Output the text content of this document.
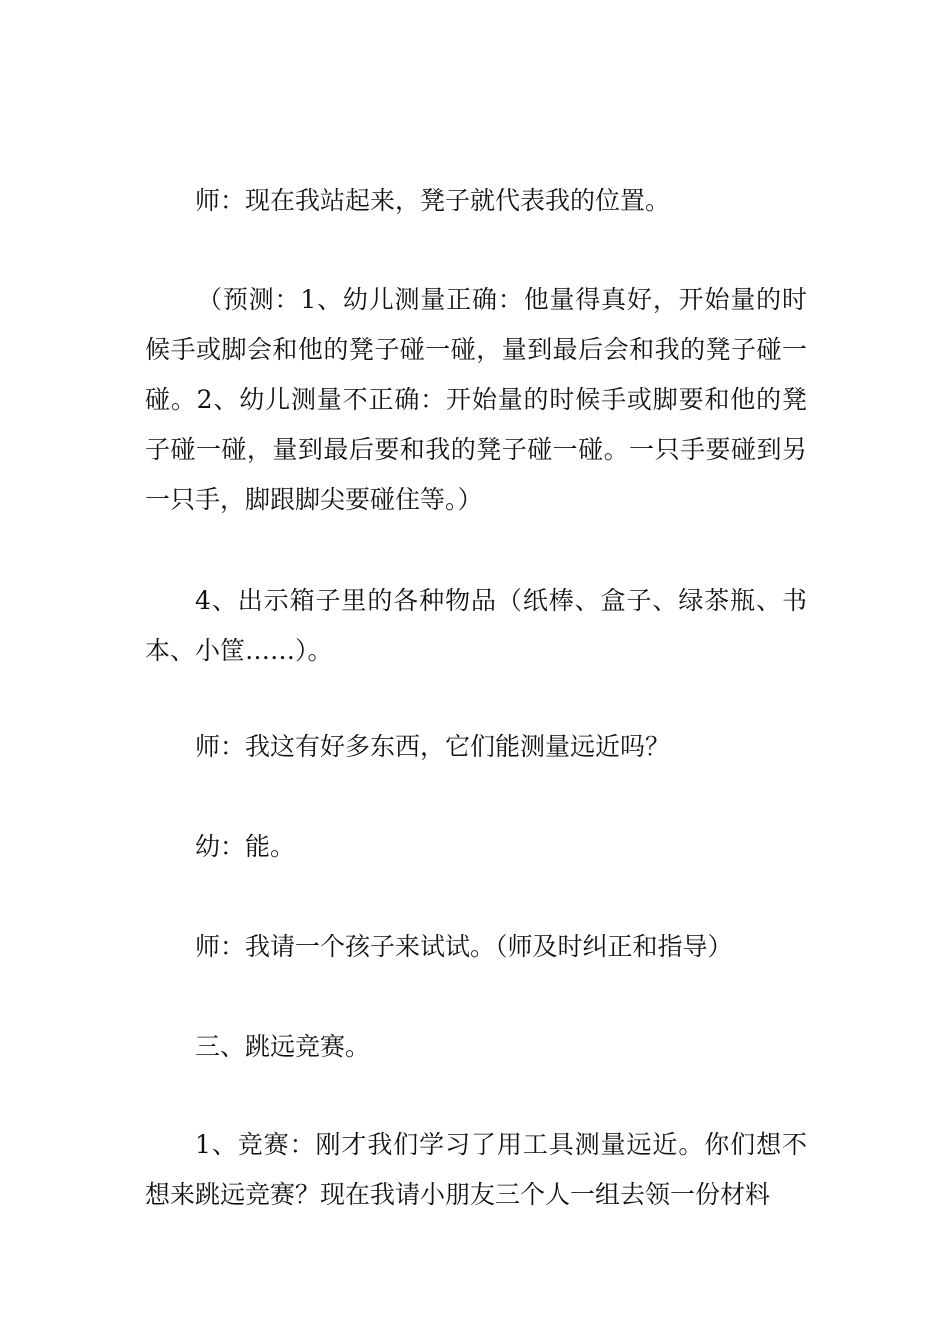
师：现在我站起来，凳子就代表我的位置。

（预测：1、幼儿测量正确：他量得真好，开始量的时候手或脚会和他的凳子碰一碰，量到最后会和我的凳子碰一碰。2、幼儿测量不正确：开始量的时候手或脚要和他的凳子碰一碰，量到最后要和我的凳子碰一碰。一只手要碰到另一只手，脚跟脚尖要碰住等。）

4、出示箱子里的各种物品（纸棒、盒子、绿茶瓶、书本、小筐……）。

师：我这有好多东西，它们能测量远近吗？

幼：能。

师：我请一个孩子来试试。（师及时纠正和指导）

三、跳远竞赛。

1、竞赛：刚才我们学习了用工具测量远近。你们想不想来跳远竞赛？现在我请小朋友三个人一组去领一份材料
